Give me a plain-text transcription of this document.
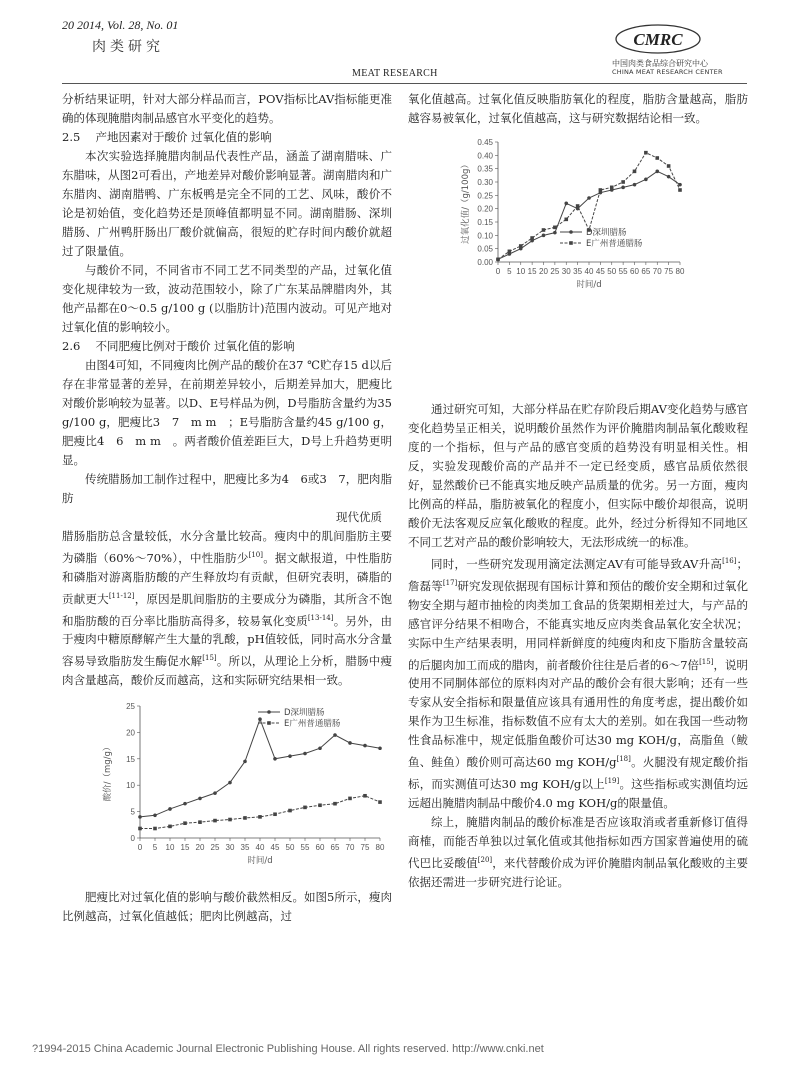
20 2014, Vol. 28, No. 01
肉类研究
MEAT RESEARCH
CMRC
中国肉类食品综合研究中心
CHINA MEAT RESEARCH CENTER

分析结果证明，针对大部分样品而言，POV指标比AV指标能更准确的体现腌腊肉制品感官水平变化的趋势。

2.5　 产地因素对于酸价 过氧化值的影响

本次实验选择腌腊肉制品代表性产品，涵盖了湖南腊味、广东腊味，从图2可看出，产地差异对酸价影响显著。湖南腊肉和广东腊肉、湖南腊鸭、广东板鸭是完全不同的工艺、风味，酸价不论是初始值，变化趋势还是顶峰值都明显不同。湖南腊肠、深圳腊肠、广州鸭肝肠出厂酸价就偏高，很短的贮存时间内酸价就超过了限量值。

与酸价不同，不同省市不同工艺不同类型的产品，过氧化值变化规律较为一致，波动范围较小，除了广东某品牌腊肉外，其他产品都在0～0.5 g/100 g (以脂肪计)范围内波动。可见产地对过氧化值的影响较小。

2.6　 不同肥瘦比例对于酸价 过氧化值的影响

由图4可知，不同瘦肉比例产品的酸价在37 ℃贮存15 d以后存在非常显著的差异，在前期差异较小，后期差异加大，肥瘦比对酸价影响较为显著。以D、E号样品为例，D号脂肪含量约为35 g/100 g，肥瘦比3　7　m m　；E号脂肪含量约45 g/100 g，肥瘦比4　6　m m　。两者酸价值差距巨大，D号上升趋势更明显。

传统腊肠加工制作过程中，肥瘦比多为4　6或3　7，肥肉脂肪

现代优质

腊肠脂肪总含量较低，水分含量比较高。瘦肉中的肌间脂肪主要为磷脂（60%～70%），中性脂肪少[10]。据文献报道，中性脂肪和磷脂对游离脂肪酸的产生释放均有贡献，但研究表明，磷脂的贡献更大[11-12]，原因是肌间脂肪的主要成分为磷脂，其所含不饱和脂肪酸的百分率比脂肪高得多，较易氧化变质[13-14]。另外，由于瘦肉中糖原酵解产生大量的乳酸，pH值较低，同时高水分含量容易导致脂肪发生酶促水解[15]。所以，从理论上分析，腊肠中瘦肉含量越高，酸价反而越高，这和实际研究结果相一致。

0
5
10
15
20
25
0 5 10 15 20 25 30 35 40 45 50 55 60 65 70 75 80
时间/d
酸价/（mg/g）
D深圳腊肠
E广州普通腊肠

肥瘦比对过氧化值的影响与酸价截然相反。如图5所示，瘦肉比例越高，过氧化值越低；肥肉比例越高，过

氧化值越高。过氧化值反映脂肪氧化的程度，脂肪含量越高，脂肪越容易被氧化，过氧化值越高，这与研究数据结论相一致。

0.00
0.05
0.10
0.15
0.20
0.25
0.30
0.35
0.40
0.45
0 5 10 15 20 25 30 35 40 45 50 55 60 65 70 75 80
时间/d
过氧化值/（g/100g）	D深圳腊肠
E广州普通腊肠

通过研究可知，大部分样品在贮存阶段后期AV变化趋势与感官变化趋势呈正相关，说明酸价虽然作为评价腌腊肉制品氧化酸败程度的一个指标，但与产品的感官变质的趋势没有明显相关性。相反，实验发现酸价高的产品并不一定已经变质，感官品质依然很好，显然酸价已不能真实地反映产品质量的优劣。另一方面，瘦肉比例高的样品，脂肪被氧化的程度小，但实际中酸价却很高，说明酸价无法客观反应氧化酸败的程度。此外，经过分析得知不同地区不同工艺对产品的酸价影响较大，无法形成统一的标准。

同时，一些研究发现用滴定法测定AV有可能导致AV升高[16]；詹磊等[17]研究发现依据现有国标计算和预估的酸价安全期和过氧化物安全期与超市抽检的肉类加工食品的货架期相差过大，与产品的感官评分结果不相吻合，不能真实地反应肉类食品氧化安全状况；实际中生产结果表明，用同样新鲜度的纯瘦肉和皮下脂肪含量较高的后腿肉加工而成的腊肉，前者酸价往往是后者的6～7倍[15]，说明使用不同胴体部位的原料肉对产品的酸价会有很大影响；还有一些专家从安全指标和限量值应该具有通用性的角度考虑，提出酸价如果作为卫生标准，指标数值不应有太大的差别。如在我国一些动物性食品标准中，规定低脂鱼酸价可达30 mg KOH/g，高脂鱼（鲅鱼、鲑鱼）酸价则可高达60 mg KOH/g[18]。火腿没有规定酸价指标，而实测值可达30 mg KOH/g以上[19]。这些指标或实测值均远远超出腌腊肉制品中酸价4.0 mg KOH/g的限量值。

综上，腌腊肉制品的酸价标准是否应该取消或者重新修订值得商榷，而能否单独以过氧化值或其他指标如西方国家普遍使用的硫代巴比妥酸值[20]，来代替酸价成为评价腌腊肉制品氧化酸败的主要依据还需进一步研究进行论证。

?1994-2015 China Academic Journal Electronic Publishing House. All rights reserved. http://www.cnki.net
